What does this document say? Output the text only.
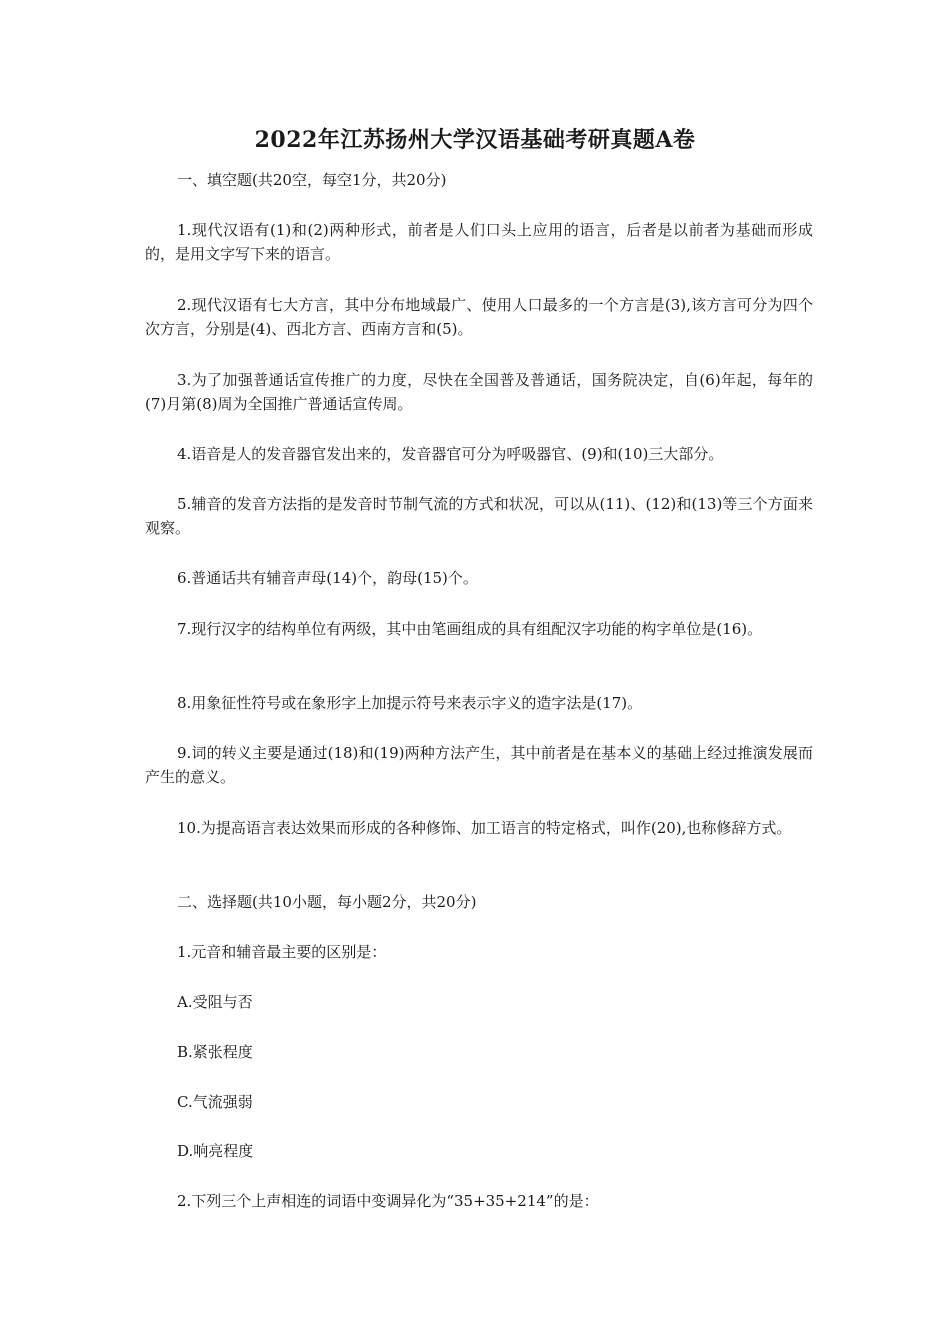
2022年江苏扬州大学汉语基础考研真题A卷

一、填空题(共20空，每空1分，共20分)

1.现代汉语有(1)和(2)两种形式，前者是人们口头上应用的语言，后者是以前者为基础而形成的，是用文字写下来的语言。

2.现代汉语有七大方言，其中分布地域最广、使用人口最多的一个方言是(3),该方言可分为四个次方言，分别是(4)、西北方言、西南方言和(5)。

3.为了加强普通话宣传推广的力度，尽快在全国普及普通话，国务院决定，自(6)年起，每年的(7)月第(8)周为全国推广普通话宣传周。

4.语音是人的发音器官发出来的，发音器官可分为呼吸器官、(9)和(10)三大部分。

5.辅音的发音方法指的是发音时节制气流的方式和状况，可以从(11)、(12)和(13)等三个方面来观察。

6.普通话共有辅音声母(14)个，韵母(15)个。

7.现行汉字的结构单位有两级，其中由笔画组成的具有组配汉字功能的构字单位是(16)。

8.用象征性符号或在象形字上加提示符号来表示字义的造字法是(17)。

9.词的转义主要是通过(18)和(19)两种方法产生，其中前者是在基本义的基础上经过推演发展而产生的意义。

10.为提高语言表达效果而形成的各种修饰、加工语言的特定格式，叫作(20),也称修辞方式。

二、选择题(共10小题，每小题2分，共20分)

1.元音和辅音最主要的区别是：

A.受阻与否

B.紧张程度

C.气流强弱

D.响亮程度

2.下列三个上声相连的词语中变调异化为“35+35+214”的是：
